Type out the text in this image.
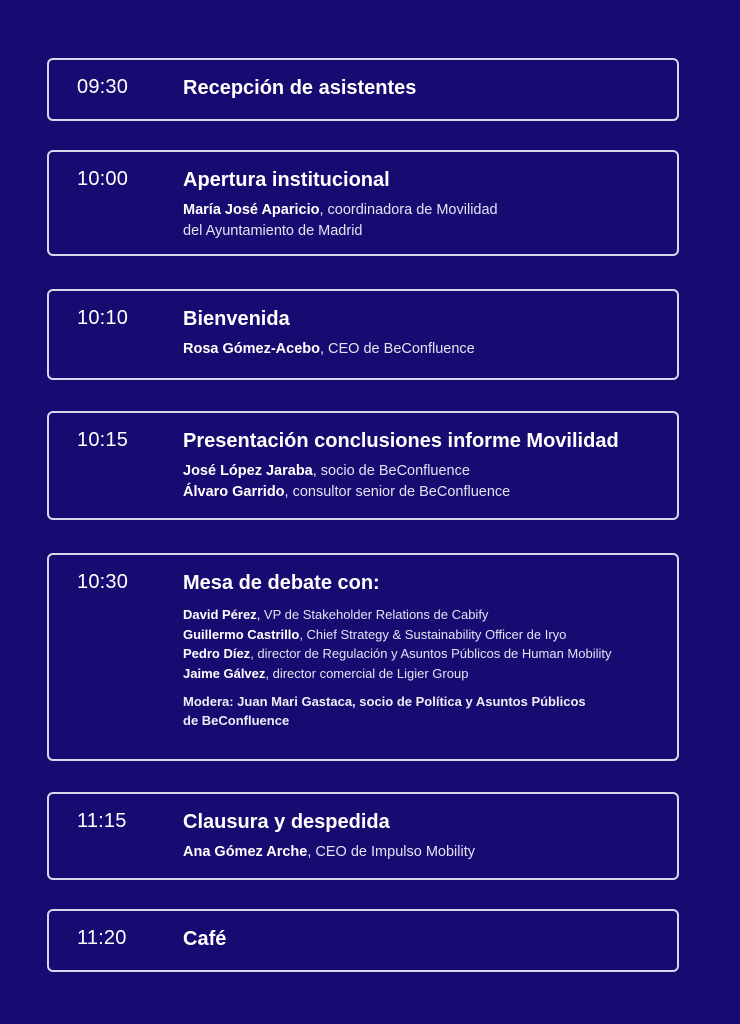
09:30	Recepción de asistentes
10:00	Apertura institucional
María José Aparicio, coordinadora de Movilidad
del Ayuntamiento de Madrid
10:10	Bienvenida
Rosa Gómez-Acebo, CEO de BeConfluence
10:15	Presentación conclusiones informe Movilidad
José López Jaraba, socio de BeConfluence
Álvaro Garrido, consultor senior de BeConfluence
10:30	Mesa de debate con:
David Pérez, VP de Stakeholder Relations de Cabify
Guillermo Castrillo, Chief Strategy & Sustainability Officer de Iryo
Pedro Díez, director de Regulación y Asuntos Públicos de Human Mobility
Jaime Gálvez, director comercial de Ligier Group
Modera: Juan Mari Gastaca, socio de Política y Asuntos Públicos
de BeConfluence
11:15	Clausura y despedida
Ana Gómez Arche, CEO de Impulso Mobility
11:20	Café
